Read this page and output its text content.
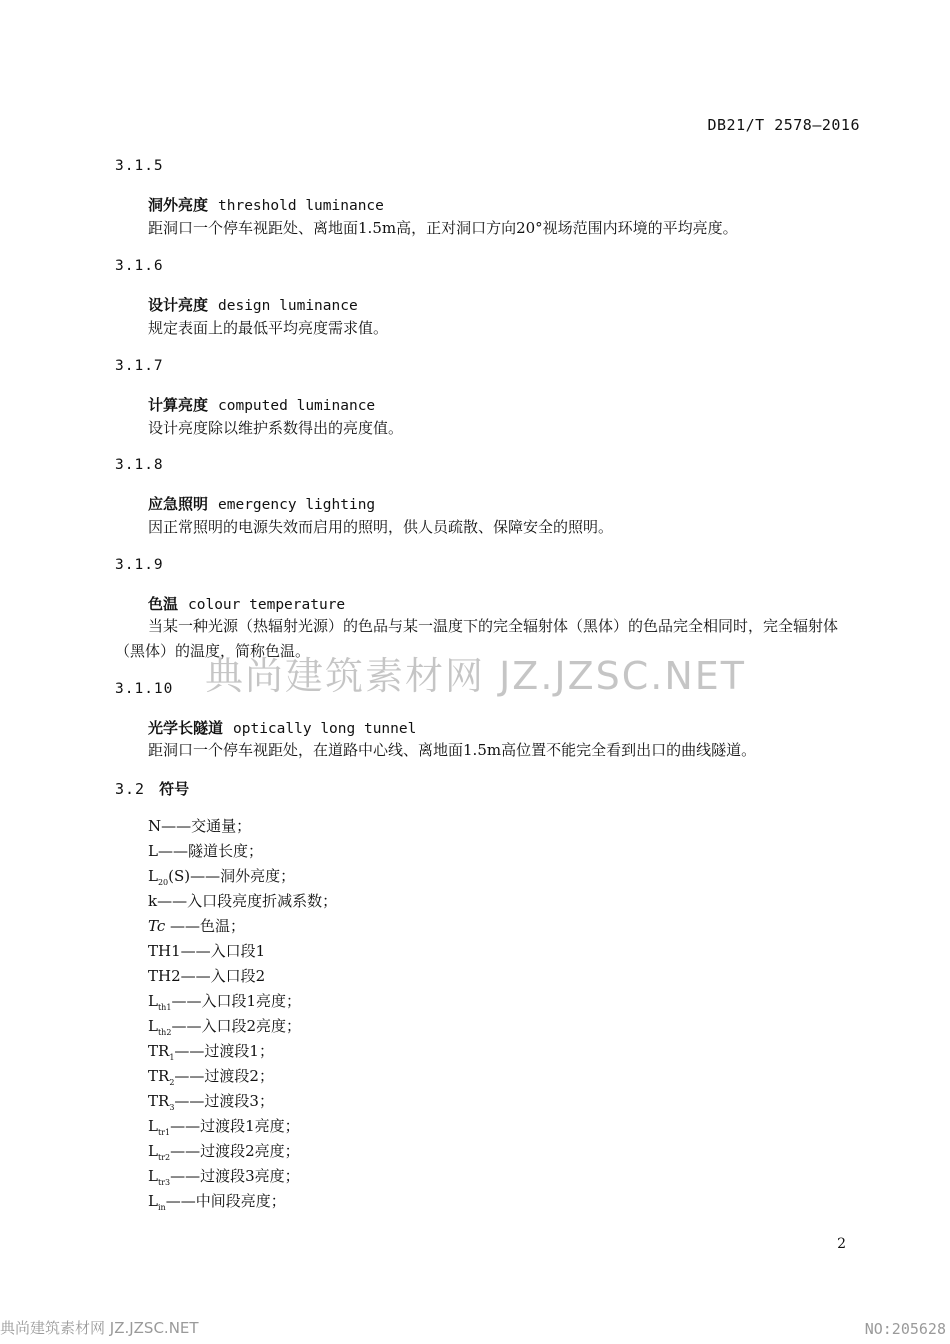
DB21/T 2578—2016
3.1.5
洞外亮度 threshold luminance
距洞口一个停车视距处、离地面1.5m高，正对洞口方向20°视场范围内环境的平均亮度。
3.1.6
设计亮度 design luminance
规定表面上的最低平均亮度需求值。
3.1.7
计算亮度 computed luminance
设计亮度除以维护系数得出的亮度值。
3.1.8
应急照明 emergency lighting
因正常照明的电源失效而启用的照明，供人员疏散、保障安全的照明。
3.1.9
色温 colour temperature
当某一种光源（热辐射光源）的色品与某一温度下的完全辐射体（黑体）的色品完全相同时，完全辐射体（黑体）的温度，简称色温。
3.1.10
光学长隧道 optically long tunnel
距洞口一个停车视距处，在道路中心线、离地面1.5m高位置不能完全看到出口的曲线隧道。
3.2 符号
N——交通量；
L——隧道长度；
$L_{20}(S)——$洞外亮度；
k——入口段亮度折减系数；
Tc ——色温；
TH1——入口段1
TH2——入口段2
$L_{th1}——$入口段1亮度；
$L_{th2}——$入口段2亮度；
$TR_1——$过渡段1；
$TR_2——$过渡段2；
$TR_3——$过渡段3；
$L_{tr1}——$过渡段1亮度；
$L_{tr2}——$过渡段2亮度；
$L_{tr3}——$过渡段3亮度；
$L_{in}——$中间段亮度；
典尚建筑素材网 JZ.JZSC.NET
2
典尚建筑素材网 JZ.JZSC.NET	NO:205628
